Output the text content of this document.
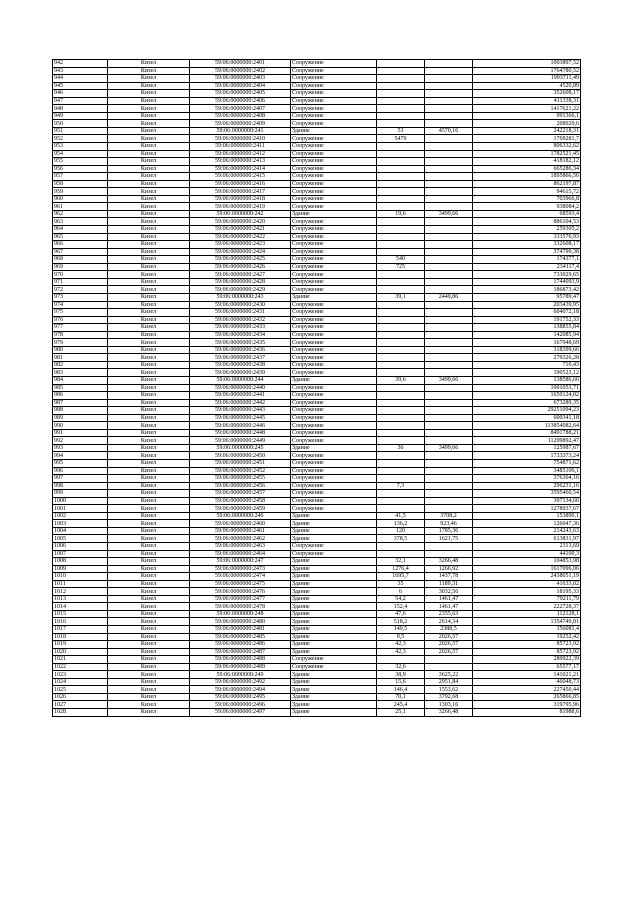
942	Кизел	59:06:0000000:2401	Сооружение			1003897,52
943	Кизел	59:06:0000000:2402	Сооружение			1764780,52
944	Кизел	59:06:0000000:2403	Сооружение			1993711,49
945	Кизел	59:06:0000000:2404	Сооружение			4520,89
946	Кизел	59:06:0000000:2405	Сооружение			352608,17
947	Кизел	59:06:0000000:2406	Сооружение			411338,31
948	Кизел	59:06:0000000:2407	Сооружение			1417621,22
949	Кизел	59:06:0000000:2408	Сооружение			991366,1
950	Кизел	59:06:0000000:2409	Сооружение			208929,6
951	Кизел	59:06:0000000:241	Здание	53	4570,16	242218,31
952	Кизел	59:06:0000000:2410	Сооружение	5479		1769281,7
953	Кизел	59:06:0000000:2411	Сооружение			806332,62
954	Кизел	59:06:0000000:2412	Сооружение			1782521,45
955	Кизел	59:06:0000000:2413	Сооружение			418182,12
956	Кизел	59:06:0000000:2414	Сооружение			665286,34
957	Кизел	59:06:0000000:2415	Сооружение			1895866,56
958	Кизел	59:06:0000000:2416	Сооружение			862197,87
959	Кизел	59:06:0000000:2417	Сооружение			94615,72
960	Кизел	59:06:0000000:2418	Сооружение			703966,8
961	Кизел	59:06:0000000:2419	Сооружение			938084,2
962	Кизел	59:06:0000000:242	Здание	19,6	3499,66	68593,4
963	Кизел	59:06:0000000:2420	Сооружение			886104,53
964	Кизел	59:06:0000000:2421	Сооружение			259305,2
965	Кизел	59:06:0000000:2422	Сооружение			333576,93
966	Кизел	59:06:0000000:2423	Сооружение			332608,17
967	Кизел	59:06:0000000:2424	Сооружение			374799,38
968	Кизел	59:06:0000000:2425	Сооружение	540		174377,1
969	Кизел	59:06:0000000:2426	Сооружение	725		234117,4
970	Кизел	59:06:0000000:2427	Сооружение			733029,65
971	Кизел	59:06:0000000:2428	Сооружение			1744093,9
972	Кизел	59:06:0000000:2429	Сооружение			186873,42
973	Кизел	59:06:0000000:243	Здание	39,1	2449,86	95789,47
974	Кизел	59:06:0000000:2430	Сооружение			203439,95
975	Кизел	59:06:0000000:2431	Сооружение			604072,18
976	Кизел	59:06:0000000:2432	Сооружение			191752,33
977	Кизел	59:06:0000000:2433	Сооружение			138855,84
978	Кизел	59:06:0000000:2434	Сооружение			142085,94
979	Кизел	59:06:0000000:2435	Сооружение			167948,69
980	Кизел	59:06:0000000:2436	Сооружение			318399,66
981	Кизел	59:06:0000000:2437	Сооружение			279326,28
982	Кизел	59:06:0000000:2438	Сооружение			710,43
983	Кизел	59:06:0000000:2439	Сооружение			190523,12
984	Кизел	59:06:0000000:244	Здание	39,6	3499,66	138586,66
985	Кизел	59:06:0000000:2440	Сооружение			1001053,71
986	Кизел	59:06:0000000:2441	Сооружение			1650124,02
987	Кизел	59:06:0000000:2442	Сооружение			673289,35
988	Кизел	59:06:0000000:2443	Сооружение			29251094,23
989	Кизел	59:06:0000000:2445	Сооружение			600341,18
990	Кизел	59:06:0000000:2446	Сооружение			113854082,64
991	Кизел	59:06:0000000:2448	Сооружение			8491788,21
992	Кизел	59:06:0000000:2449	Сооружение			11299892,47
993	Кизел	59:06:0000000:245	Здание	36	3499,66	125987,67
994	Кизел	59:06:0000000:2450	Сооружение			1733373,24
995	Кизел	59:06:0000000:2451	Сооружение			754871,62
996	Кизел	59:06:0000000:2452	Сооружение			3485106,1
997	Кизел	59:06:0000000:2455	Сооружение			376304,16
998	Кизел	59:06:0000000:2456	Сооружение	7,3		296231,16
999	Кизел	59:06:0000000:2457	Сооружение			3595460,54
1000	Кизел	59:06:0000000:2458	Сооружение			397134,66
1001	Кизел	59:06:0000000:2459	Сооружение			1278937,67
1002	Кизел	59:06:0000000:246	Здание	41,5	3708,2	153890,1
1003	Кизел	59:06:0000000:2460	Здание	136,2	923,46	126047,36
1004	Кизел	59:06:0000000:2461	Здание	120	1785,36	214243,63
1005	Кизел	59:06:0000000:2462	Здание	378,5	1621,75	613831,97
1006	Кизел	59:06:0000000:2463	Сооружение			2313,69
1007	Кизел	59:06:0000000:2464	Сооружение			44100,3
1008	Кизел	59:06:0000000:247	Здание	32,1	3266,48	104853,98
1009	Кизел	59:06:0000000:2473	Здание	1276,4	1266,92	1617096,06
1010	Кизел	59:06:0000000:2474	Здание	1695,7	1437,78	2438051,19
1011	Кизел	59:06:0000000:2475	Здание	35	1189,31	41633,02
1012	Кизел	59:06:0000000:2476	Здание	6	3032,56	18195,33
1013	Кизел	59:06:0000000:2477	Здание	54,2	1461,47	79211,79
1014	Кизел	59:06:0000000:2478	Здание	152,4	1461,47	222728,37
1015	Кизел	59:06:0000000:248	Здание	47,6	2355,63	112128,1
1016	Кизел	59:06:0000000:2480	Здание	518,2	2614,34	1354749,81
1017	Кизел	59:06:0000000:2481	Здание	149,5	2388,5	356081,4
1018	Кизел	59:06:0000000:2485	Здание	9,5	2026,57	19252,42
1019	Кизел	59:06:0000000:2486	Здание	42,3	2026,57	85723,92
1020	Кизел	59:06:0000000:2487	Здание	42,3	2026,57	85723,92
1021	Кизел	59:06:0000000:2488	Сооружение			289922,39
1022	Кизел	59:06:0000000:2489	Сооружение	32,6		65577,17
1023	Кизел	59:06:0000000:249	Здание	38,9	3625,22	141021,21
1024	Кизел	59:06:0000000:2492	Здание	15,6	2951,84	46048,73
1025	Кизел	59:06:0000000:2494	Здание	146,4	1553,62	227450,44
1026	Кизел	59:06:0000000:2495	Здание	70,1	3792,68	265866,85
1027	Кизел	59:06:0000000:2496	Здание	245,4	1303,16	319795,96
1028	Кизел	59:06:0000000:2497	Здание	25,1	3266,48	81988,6
